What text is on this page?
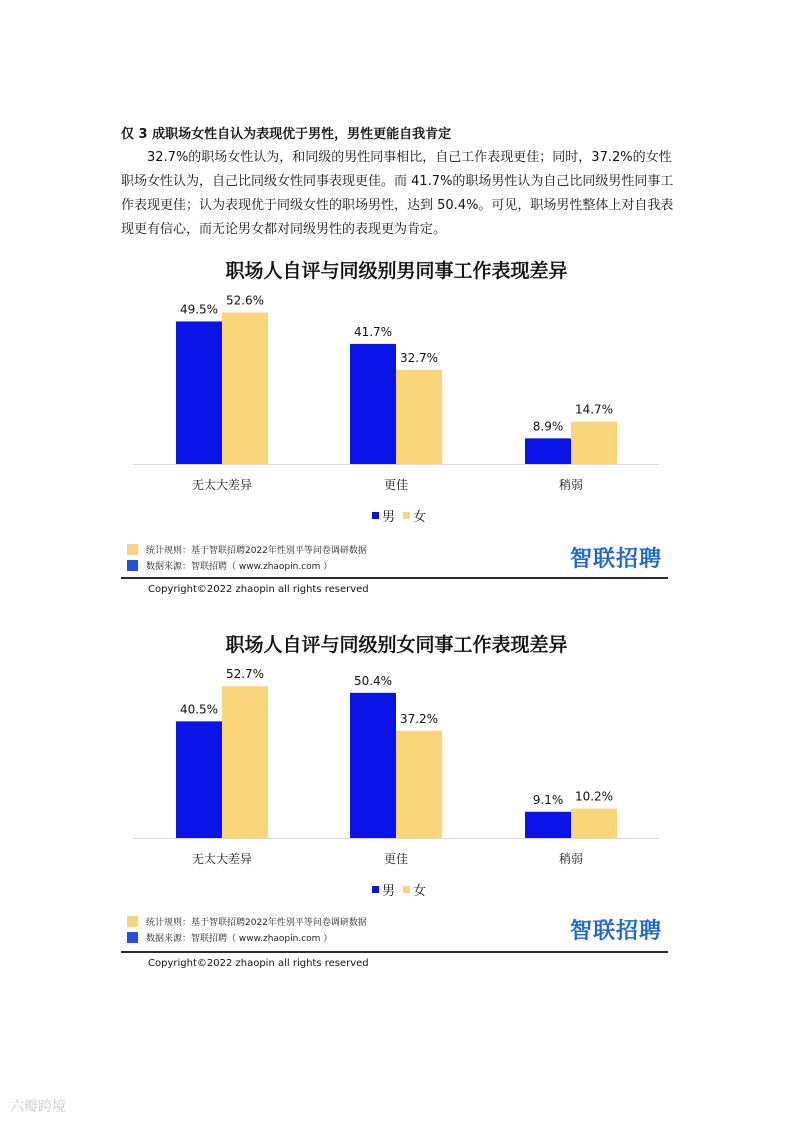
仅 3 成职场女性自认为表现优于男性，男性更能自我肯定

32.7%的职场女性认为，和同级的男性同事相比，自己工作表现更佳；同时，37.2%的女性职场女性认为，自己比同级女性同事表现更佳。而 41.7%的职场男性认为自己比同级男性同事工作表现更佳；认为表现优于同级女性的职场男性，达到 50.4%。可见，职场男性整体上对自我表现更有信心，而无论男女都对同级男性的表现更为肯定。

职场人自评与同级别男同事工作表现差异
49.5%
41.7%
8.9%
52.6%
32.7%
14.7%
无太大差异	更佳	稍弱
男 女
统计规则：基于智联招聘2022年性别平等问卷调研数据
数据来源：智联招聘（ www.zhaopin.com ）	智联招聘
Copyright©2022 zhaopin all rights reserved
职场人自评与同级别女同事工作表现差异
40.5%
50.4%
9.1%
52.7%
37.2%
10.2%
无太大差异	更佳	稍弱
男 女
统计规则：基于智联招聘2022年性别平等问卷调研数据
数据来源：智联招聘（ www.zhaopin.com ）	智联招聘
Copyright©2022 zhaopin all rights reserved
六瓣跨境
